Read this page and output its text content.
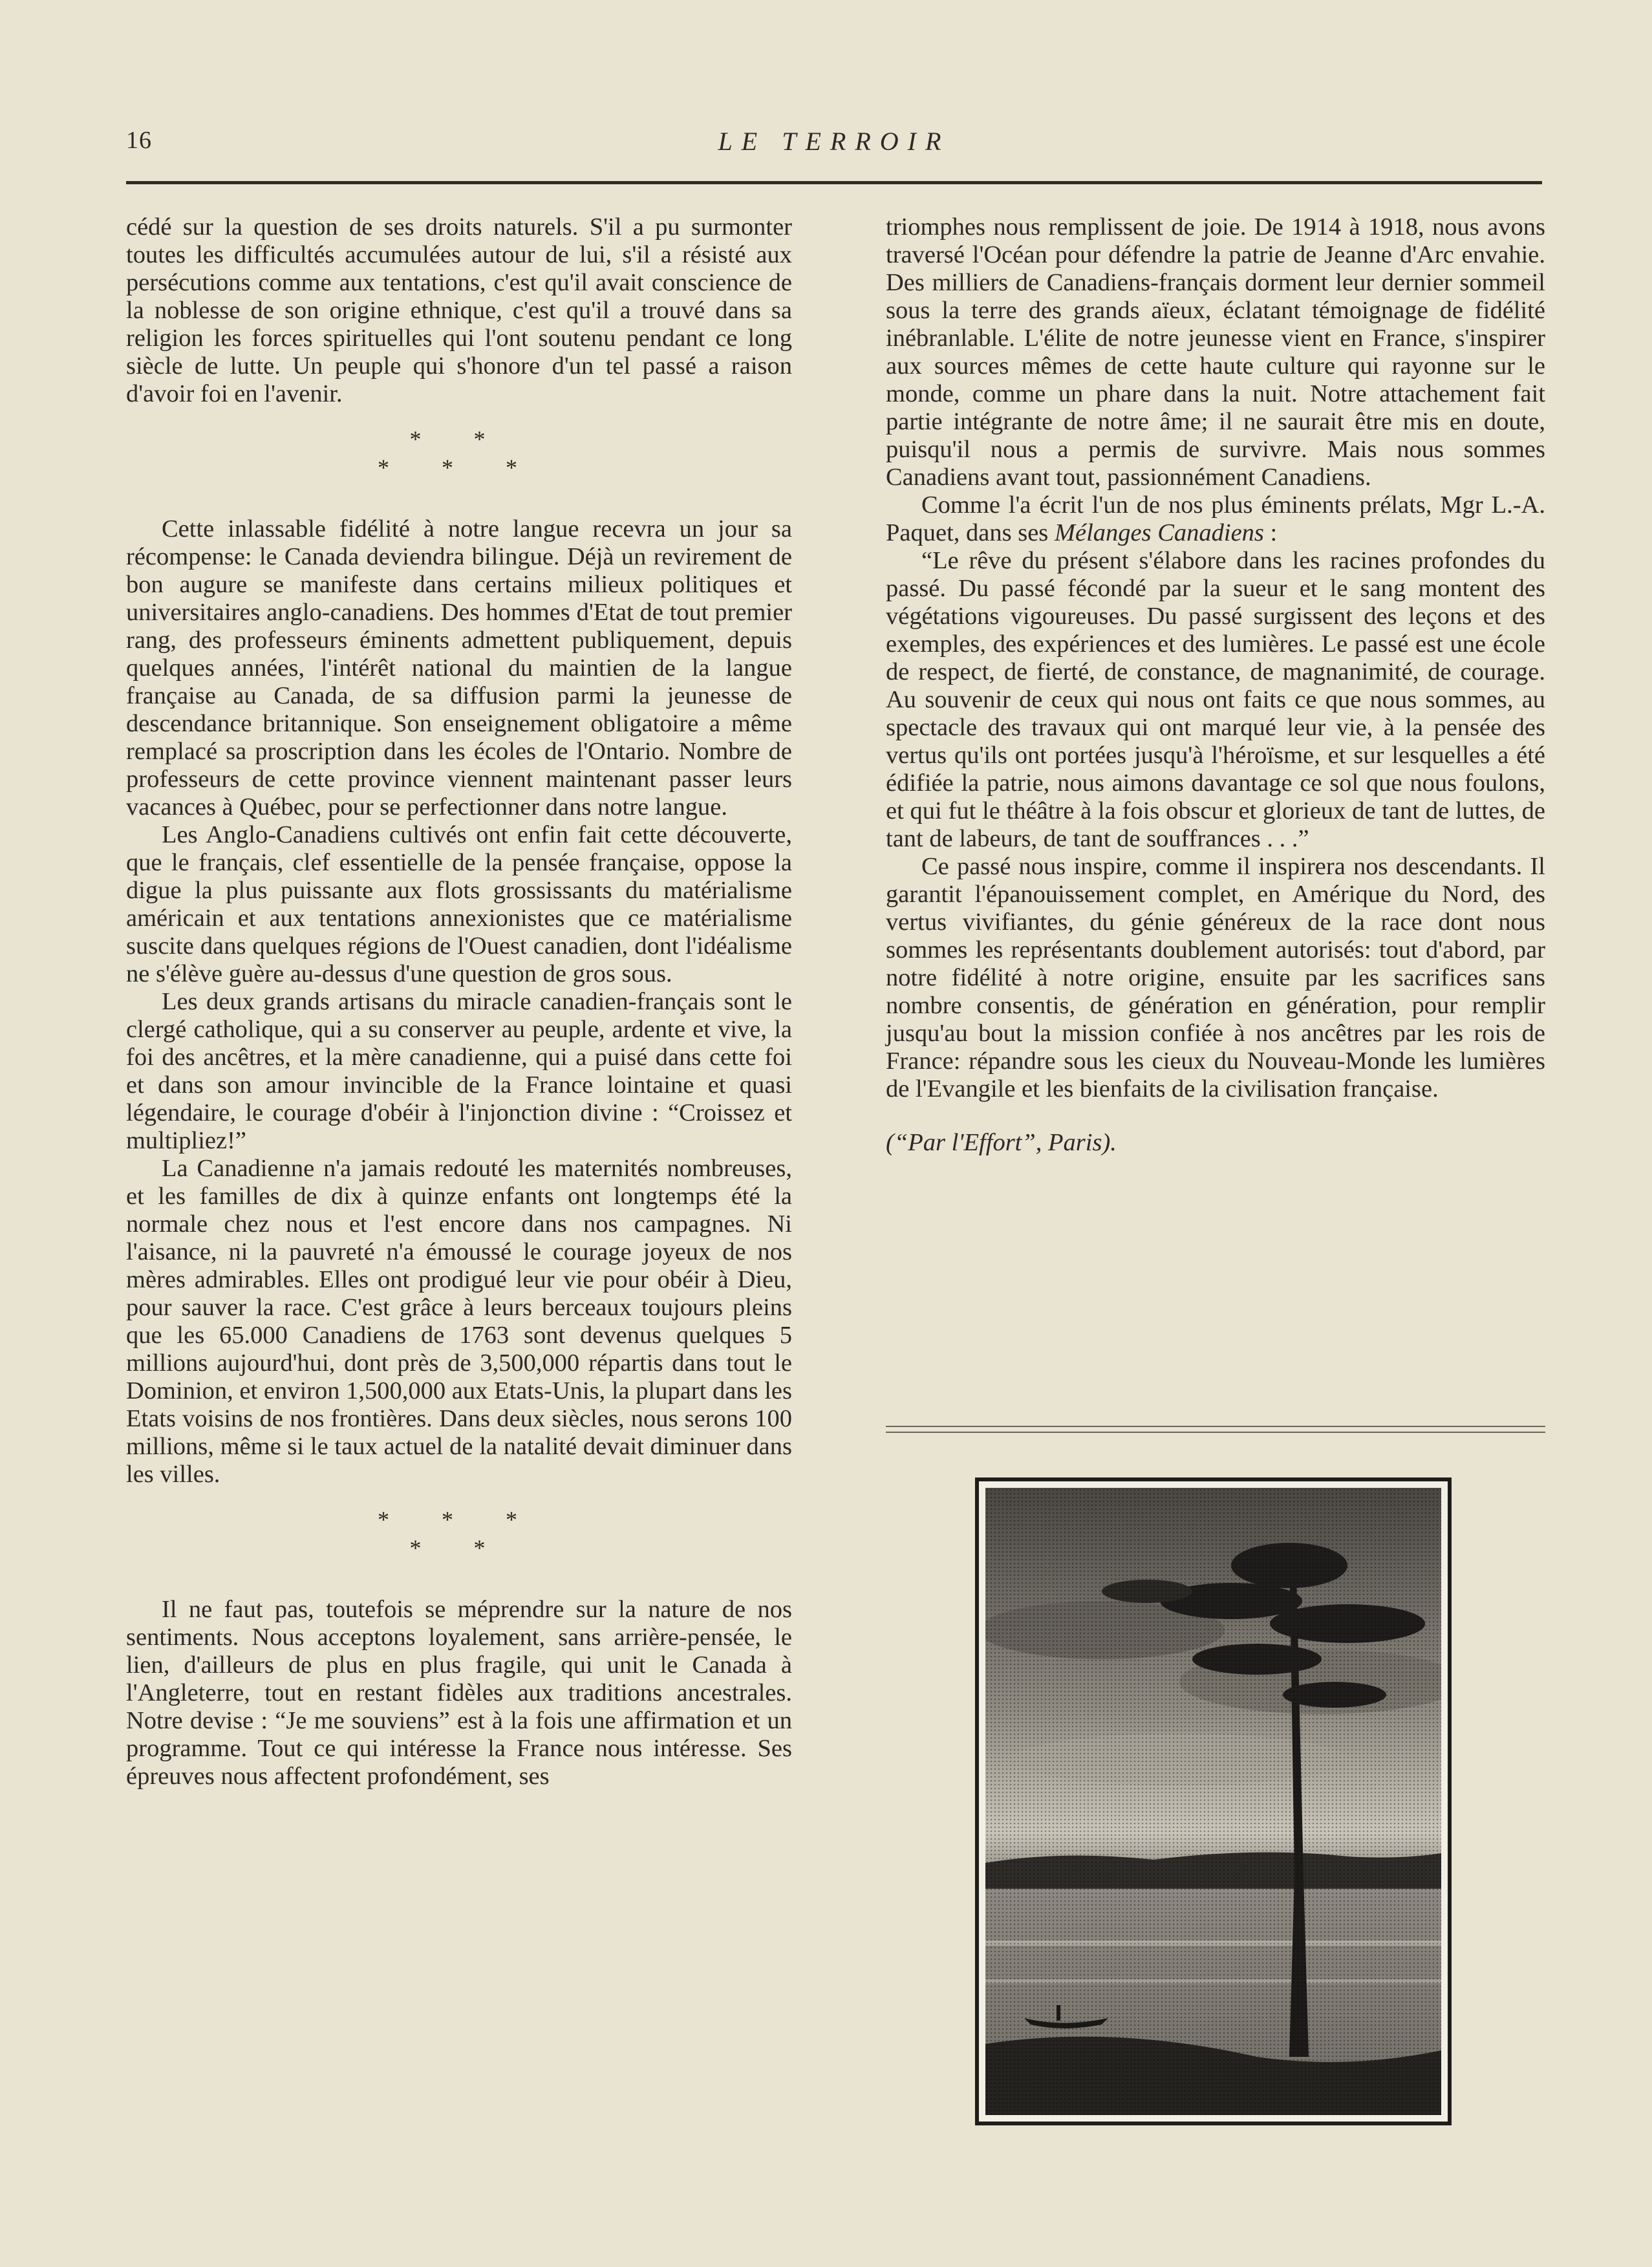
16	LE TERROIR

cédé sur la question de ses droits naturels. S'il a pu surmonter toutes les difficultés accumulées autour de lui, s'il a résisté aux persécutions comme aux tentations, c'est qu'il avait conscience de la noblesse de son origine ethnique, c'est qu'il a trouvé dans sa religion les forces spirituelles qui l'ont soutenu pendant ce long siècle de lutte. Un peuple qui s'honore d'un tel passé a raison d'avoir foi en l'avenir.

* *
* * *

Cette inlassable fidélité à notre langue recevra un jour sa récompense: le Canada deviendra bilingue. Déjà un revirement de bon augure se manifeste dans certains milieux politiques et universitaires anglo-canadiens. Des hommes d'Etat de tout premier rang, des professeurs éminents admettent publiquement, depuis quelques années, l'intérêt national du maintien de la langue française au Canada, de sa diffusion parmi la jeunesse de descendance britannique. Son enseignement obligatoire a même remplacé sa proscription dans les écoles de l'Ontario. Nombre de professeurs de cette province viennent maintenant passer leurs vacances à Québec, pour se perfectionner dans notre langue.

Les Anglo-Canadiens cultivés ont enfin fait cette découverte, que le français, clef essentielle de la pensée française, oppose la digue la plus puissante aux flots grossissants du matérialisme américain et aux tentations annexionistes que ce matérialisme suscite dans quelques régions de l'Ouest canadien, dont l'idéalisme ne s'élève guère au-dessus d'une question de gros sous.

Les deux grands artisans du miracle canadien-français sont le clergé catholique, qui a su conserver au peuple, ardente et vive, la foi des ancêtres, et la mère canadienne, qui a puisé dans cette foi et dans son amour invincible de la France lointaine et quasi légendaire, le courage d'obéir à l'injonction divine : “Croissez et multipliez!”

La Canadienne n'a jamais redouté les maternités nombreuses, et les familles de dix à quinze enfants ont longtemps été la normale chez nous et l'est encore dans nos campagnes. Ni l'aisance, ni la pauvreté n'a émoussé le courage joyeux de nos mères admirables. Elles ont prodigué leur vie pour obéir à Dieu, pour sauver la race. C'est grâce à leurs berceaux toujours pleins que les 65.000 Canadiens de 1763 sont devenus quelques 5 millions aujourd'hui, dont près de 3,500,000 répartis dans tout le Dominion, et environ 1,500,000 aux Etats-Unis, la plupart dans les Etats voisins de nos frontières. Dans deux siècles, nous serons 100 millions, même si le taux actuel de la natalité devait diminuer dans les villes.

* * *
* *

Il ne faut pas, toutefois se méprendre sur la nature de nos sentiments. Nous acceptons loyalement, sans arrière-pensée, le lien, d'ailleurs de plus en plus fragile, qui unit le Canada à l'Angleterre, tout en restant fidèles aux traditions ancestrales. Notre devise : “Je me souviens” est à la fois une affirmation et un programme. Tout ce qui intéresse la France nous intéresse. Ses épreuves nous affectent profondément, ses

triomphes nous remplissent de joie. De 1914 à 1918, nous avons traversé l'Océan pour défendre la patrie de Jeanne d'Arc envahie. Des milliers de Canadiens-français dorment leur dernier sommeil sous la terre des grands aïeux, éclatant témoignage de fidélité inébranlable. L'élite de notre jeunesse vient en France, s'inspirer aux sources mêmes de cette haute culture qui rayonne sur le monde, comme un phare dans la nuit. Notre attachement fait partie intégrante de notre âme; il ne saurait être mis en doute, puisqu'il nous a permis de survivre. Mais nous sommes Canadiens avant tout, passionnément Canadiens.

Comme l'a écrit l'un de nos plus éminents prélats, Mgr L.-A. Paquet, dans ses Mélanges Canadiens :

“Le rêve du présent s'élabore dans les racines profondes du passé. Du passé fécondé par la sueur et le sang montent des végétations vigoureuses. Du passé surgissent des leçons et des exemples, des expériences et des lumières. Le passé est une école de respect, de fierté, de constance, de magnanimité, de courage. Au souvenir de ceux qui nous ont faits ce que nous sommes, au spectacle des travaux qui ont marqué leur vie, à la pensée des vertus qu'ils ont portées jusqu'à l'héroïsme, et sur lesquelles a été édifiée la patrie, nous aimons davantage ce sol que nous foulons, et qui fut le théâtre à la fois obscur et glorieux de tant de luttes, de tant de labeurs, de tant de souffrances . . .”

Ce passé nous inspire, comme il inspirera nos descendants. Il garantit l'épanouissement complet, en Amérique du Nord, des vertus vivifiantes, du génie généreux de la race dont nous sommes les représentants doublement autorisés: tout d'abord, par notre fidélité à notre origine, ensuite par les sacrifices sans nombre consentis, de génération en génération, pour remplir jusqu'au bout la mission confiée à nos ancêtres par les rois de France: répandre sous les cieux du Nouveau-Monde les lumières de l'Evangile et les bienfaits de la civilisation française.

(“Par l'Effort”, Paris).
